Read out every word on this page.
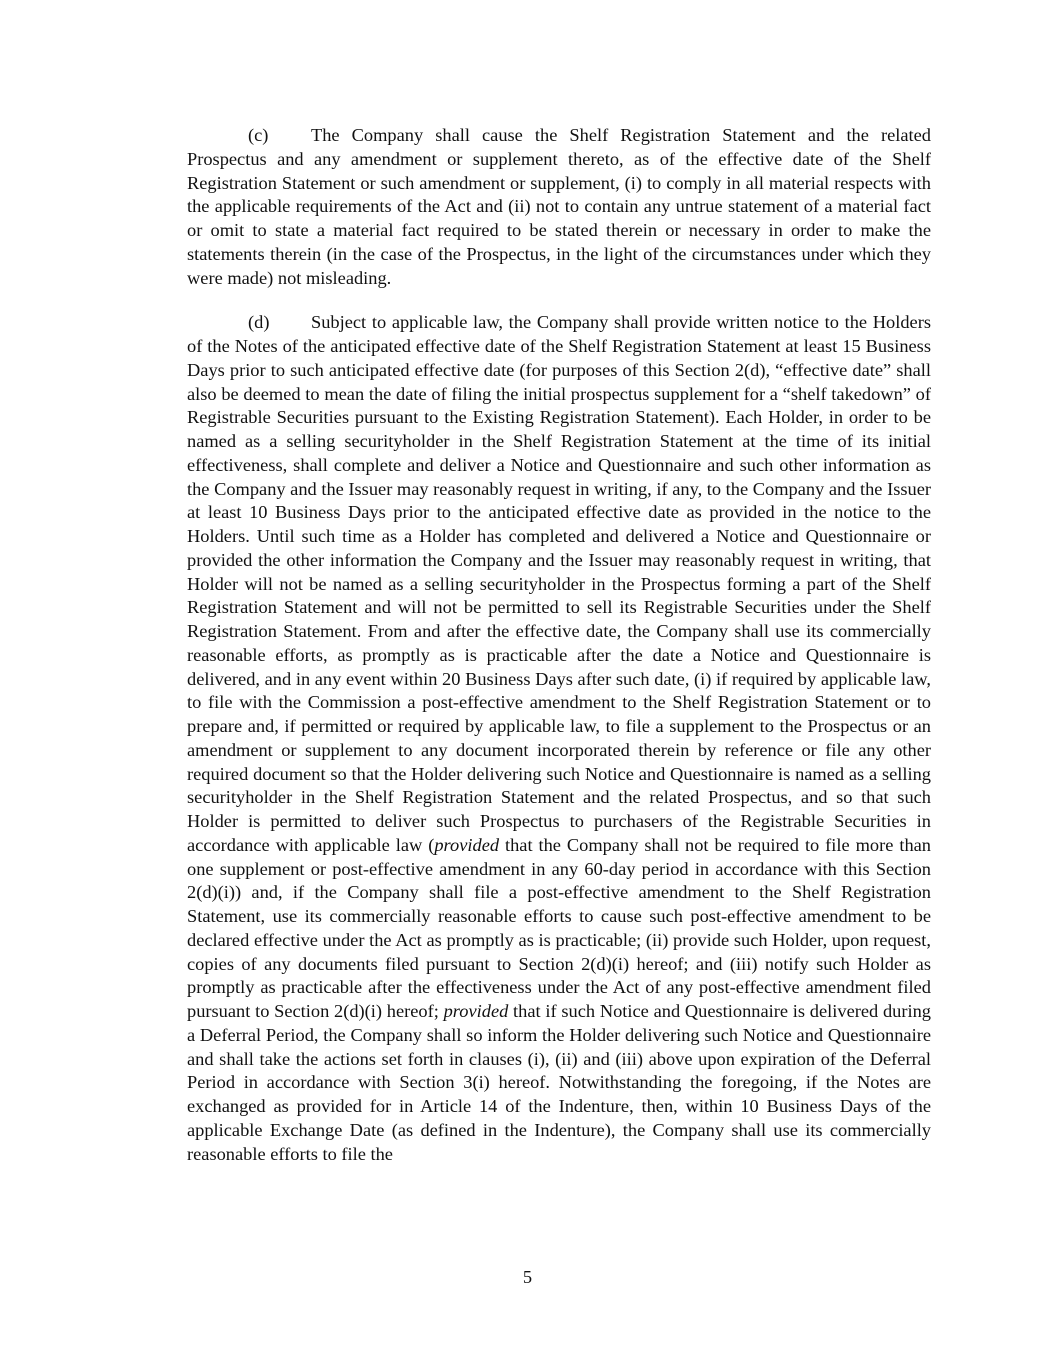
(c) The Company shall cause the Shelf Registration Statement and the related Prospectus and any amendment or supplement thereto, as of the effective date of the Shelf Registration Statement or such amendment or supplement, (i) to comply in all material respects with the applicable requirements of the Act and (ii) not to contain any untrue statement of a material fact or omit to state a material fact required to be stated therein or necessary in order to make the statements therein (in the case of the Prospectus, in the light of the circumstances under which they were made) not misleading.

(d) Subject to applicable law, the Company shall provide written notice to the Holders of the Notes of the anticipated effective date of the Shelf Registration Statement at least 15 Business Days prior to such anticipated effective date (for purposes of this Section 2(d), “effective date” shall also be deemed to mean the date of filing the initial prospectus supplement for a “shelf takedown” of Registrable Securities pursuant to the Existing Registration Statement). Each Holder, in order to be named as a selling securityholder in the Shelf Registration Statement at the time of its initial effectiveness, shall complete and deliver a Notice and Questionnaire and such other information as the Company and the Issuer may reasonably request in writing, if any, to the Company and the Issuer at least 10 Business Days prior to the anticipated effective date as provided in the notice to the Holders. Until such time as a Holder has completed and delivered a Notice and Questionnaire or provided the other information the Company and the Issuer may reasonably request in writing, that Holder will not be named as a selling securityholder in the Prospectus forming a part of the Shelf Registration Statement and will not be permitted to sell its Registrable Securities under the Shelf Registration Statement. From and after the effective date, the Company shall use its commercially reasonable efforts, as promptly as is practicable after the date a Notice and Questionnaire is delivered, and in any event within 20 Business Days after such date, (i) if required by applicable law, to file with the Commission a post-effective amendment to the Shelf Registration Statement or to prepare and, if permitted or required by applicable law, to file a supplement to the Prospectus or an amendment or supplement to any document incorporated therein by reference or file any other required document so that the Holder delivering such Notice and Questionnaire is named as a selling securityholder in the Shelf Registration Statement and the related Prospectus, and so that such Holder is permitted to deliver such Prospectus to purchasers of the Registrable Securities in accordance with applicable law (provided that the Company shall not be required to file more than one supplement or post-effective amendment in any 60-day period in accordance with this Section 2(d)(i)) and, if the Company shall file a post-effective amendment to the Shelf Registration Statement, use its commercially reasonable efforts to cause such post-effective amendment to be declared effective under the Act as promptly as is practicable; (ii) provide such Holder, upon request, copies of any documents filed pursuant to Section 2(d)(i) hereof; and (iii) notify such Holder as promptly as practicable after the effectiveness under the Act of any post-effective amendment filed pursuant to Section 2(d)(i) hereof; provided that if such Notice and Questionnaire is delivered during a Deferral Period, the Company shall so inform the Holder delivering such Notice and Questionnaire and shall take the actions set forth in clauses (i), (ii) and (iii) above upon expiration of the Deferral Period in accordance with Section 3(i) hereof. Notwithstanding the foregoing, if the Notes are exchanged as provided for in Article 14 of the Indenture, then, within 10 Business Days of the applicable Exchange Date (as defined in the Indenture), the Company shall use its commercially reasonable efforts to file the

5
